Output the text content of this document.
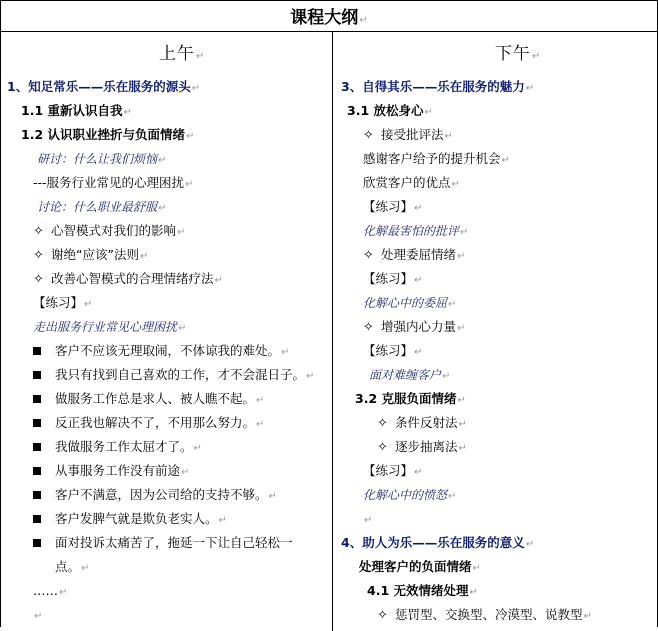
课程大纲↵
上午↵	下午↵
1、知足常乐——乐在服务的源头↵
1.1 重新认识自我↵
1.2 认识职业挫折与负面情绪↵
研讨：什么让我们烦恼↵
---服务行业常见的心理困扰↵
讨论：什么职业最舒服↵
✧ 心智模式对我们的影响↵
✧ 谢绝“应该”法则↵
✧ 改善心智模式的合理情绪疗法↵
【练习】↵
走出服务行业常见心理困扰↵
客户不应该无理取闹，不体谅我的难处。↵
我只有找到自己喜欢的工作，才不会混日子。↵
做服务工作总是求人、被人瞧不起。↵
反正我也解决不了，不用那么努力。↵
我做服务工作太屈才了。↵
从事服务工作没有前途↵
客户不满意，因为公司给的支持不够。↵
客户发脾气就是欺负老实人。↵
面对投诉太痛苦了，拖延一下让自己轻松一
点。↵
……↵
↵
3、自得其乐——乐在服务的魅力↵
3.1 放松身心↵
✧ 接受批评法↵
感谢客户给予的提升机会↵
欣赏客户的优点↵
【练习】↵
化解最害怕的批评↵
✧ 处理委屈情绪↵
【练习】↵
化解心中的委屈↵
✧ 增强内心力量↵
【练习】↵
面对难缠客户↵
3.2 克服负面情绪↵
✧ 条件反射法↵
✧ 逐步抽离法↵
【练习】↵
化解心中的愤怒↵
↵
4、助人为乐——乐在服务的意义↵
处理客户的负面情绪↵
4.1 无效情绪处理↵
✧ 惩罚型、交换型、冷漠型、说教型↵
